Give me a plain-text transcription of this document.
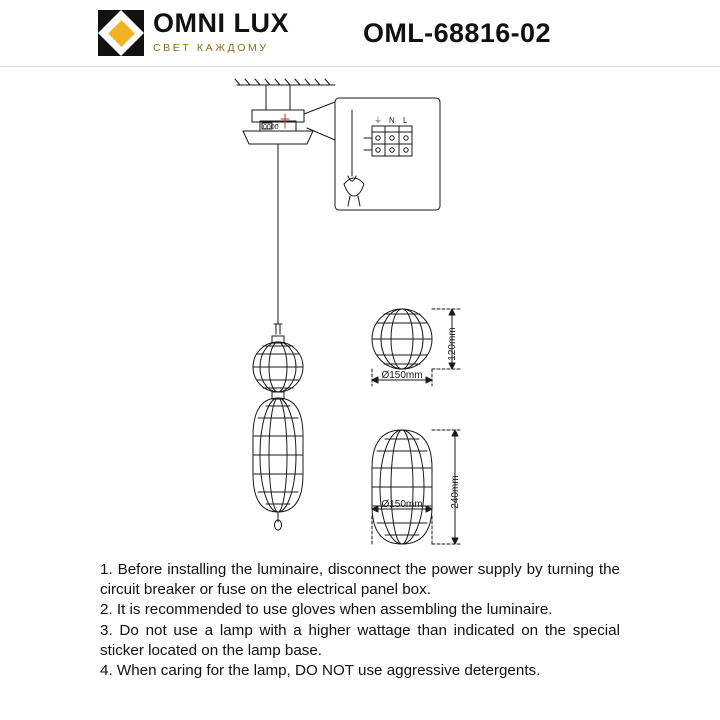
OMNI LUX
СВЕТ КАЖДОМУ	OML-68816-02
⏚ N L
0000
120mm
Ø150mm
240mm
Ø150mm

1. Before installing the luminaire, disconnect the power supply by turning the circuit breaker or fuse on the electrical panel box.

2. It is recommended to use gloves when assembling the luminaire.

3. Do not use a lamp with a higher wattage than indicated on the special sticker located on the lamp base.

4. When caring for the lamp, DO NOT use aggressive detergents.
